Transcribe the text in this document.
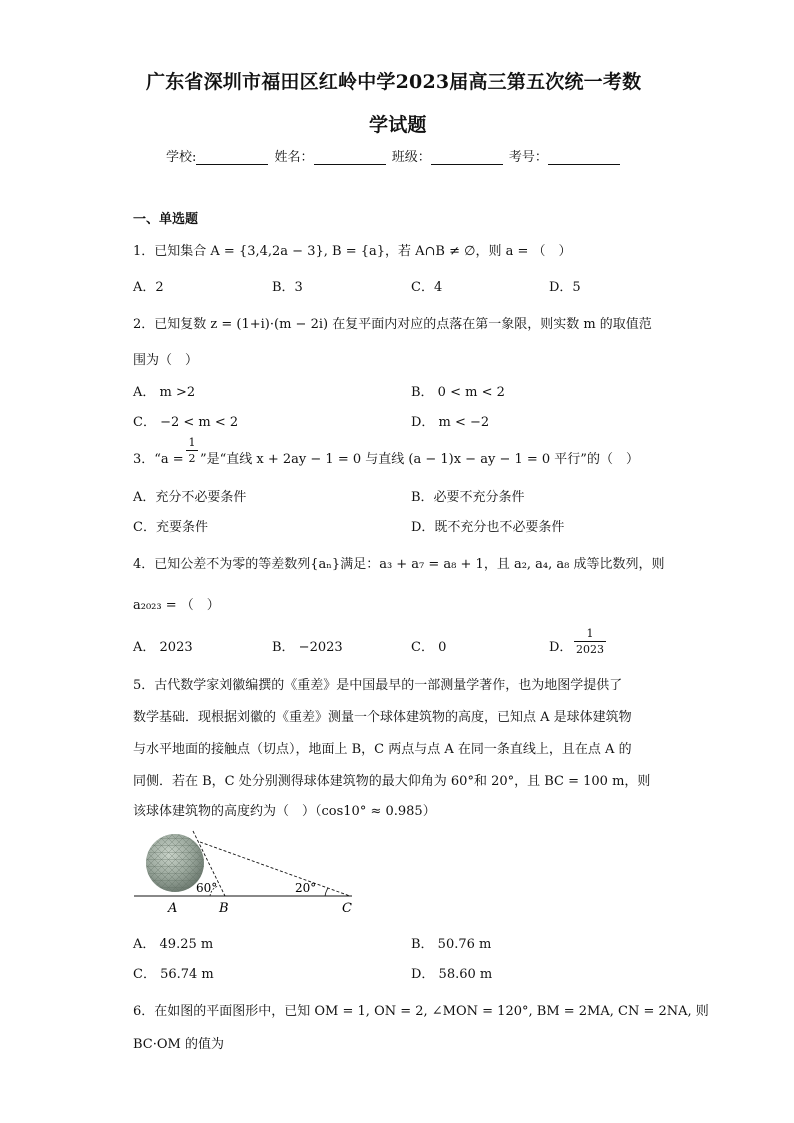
广东省深圳市福田区红岭中学2023届高三第五次统一考数
学试题
学校:	姓名：	班级：	考号：
一、单选题
1．已知集合 A = {3,4,2a − 3}, B = {a}，若 A∩B ≠ ∅，则 a = （　）
A．2	B．3	C．4	D．5
2．已知复数 z = (1+i)·(m − 2i) 在复平面内对应的点落在第一象限，则实数 m 的取值范
围为（　）
A． m >2	B． 0 < m < 2
C． −2 < m < 2	D． m < −2
3．“a =
1
2 ”是“直线 x + 2ay − 1 = 0 与直线 (a − 1)x − ay − 1 = 0 平行”的（　）
A．充分不必要条件	B．必要不充分条件
C．充要条件	D．既不充分也不必要条件
4．已知公差不为零的等差数列{aₙ}满足：a₃ + a₇ = a₈ + 1，且 a₂, a₄, a₈ 成等比数列，则
a₂₀₂₃ = （　）
A． 2023	B． −2023	C． 0	D．
1
2023
5．古代数学家刘徽编撰的《重差》是中国最早的一部测量学著作，也为地图学提供了
数学基础．现根据刘徽的《重差》测量一个球体建筑物的高度，已知点 A 是球体建筑物
与水平地面的接触点（切点），地面上 B，C 两点与点 A 在同一条直线上，且在点 A 的
同侧．若在 B，C 处分别测得球体建筑物的最大仰角为 60°和 20°，且 BC = 100 m，则
该球体建筑物的高度约为（　）（cos10° ≈ 0.985）
60°	20°
A	B	C
A． 49.25 m	B． 50.76 m
C． 56.74 m	D． 58.60 m
6．在如图的平面图形中，已知 OM = 1, ON = 2, ∠MON = 120°, BM = 2MA, CN = 2NA, 则
BC·OM 的值为
